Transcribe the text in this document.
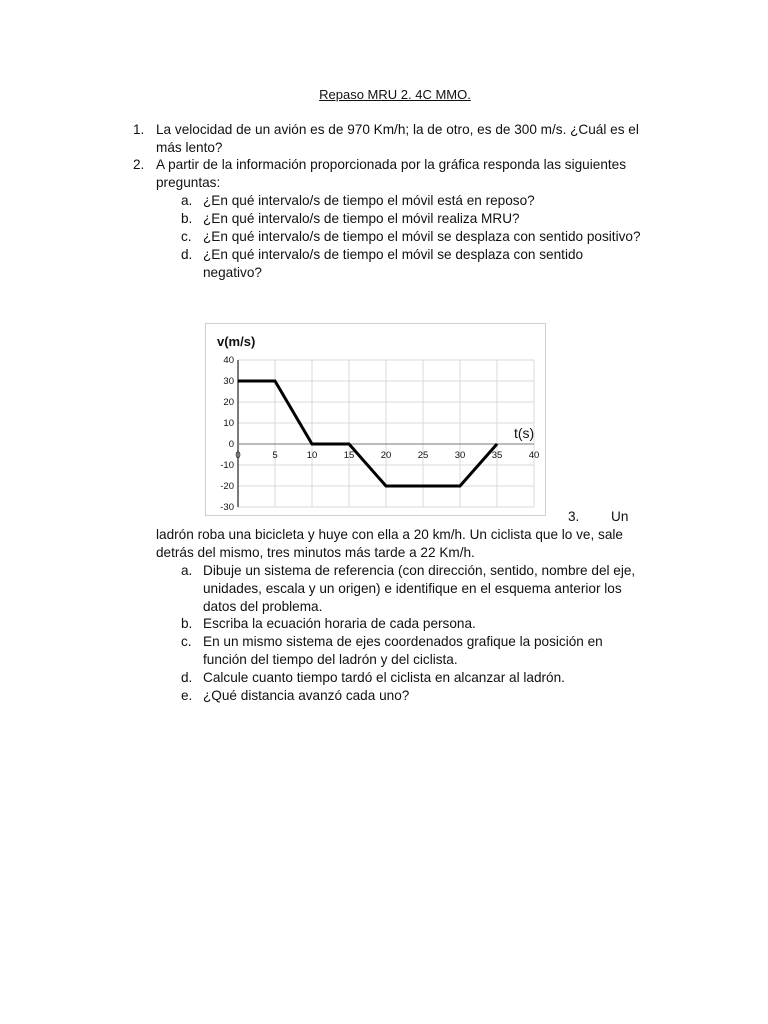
Repaso MRU 2. 4C MMO.
1. La velocidad de un avión es de 970 Km/h; la de otro, es de 300 m/s. ¿Cuál es el
más lento?
2. A partir de la información proporcionada por la gráfica responda las siguientes
preguntas:
a. ¿En qué intervalo/s de tiempo el móvil está en reposo?
b. ¿En qué intervalo/s de tiempo el móvil realiza MRU?
c. ¿En qué intervalo/s de tiempo el móvil se desplaza con sentido positivo?
d. ¿En qué intervalo/s de tiempo el móvil se desplaza con sentido
negativo?
40
30
20
10
0
-10
-20
-30
0	5	10	15	20	25	30	35	40
v(m/s)
t(s)
3. Un
ladrón roba una bicicleta y huye con ella a 20 km/h. Un ciclista que lo ve, sale
detrás del mismo, tres minutos más tarde a 22 Km/h.
a. Dibuje un sistema de referencia (con dirección, sentido, nombre del eje,
unidades, escala y un origen) e identifique en el esquema anterior los
datos del problema.
b. Escriba la ecuación horaria de cada persona.
c. En un mismo sistema de ejes coordenados grafique la posición en
función del tiempo del ladrón y del ciclista.
d. Calcule cuanto tiempo tardó el ciclista en alcanzar al ladrón.
e. ¿Qué distancia avanzó cada uno?
